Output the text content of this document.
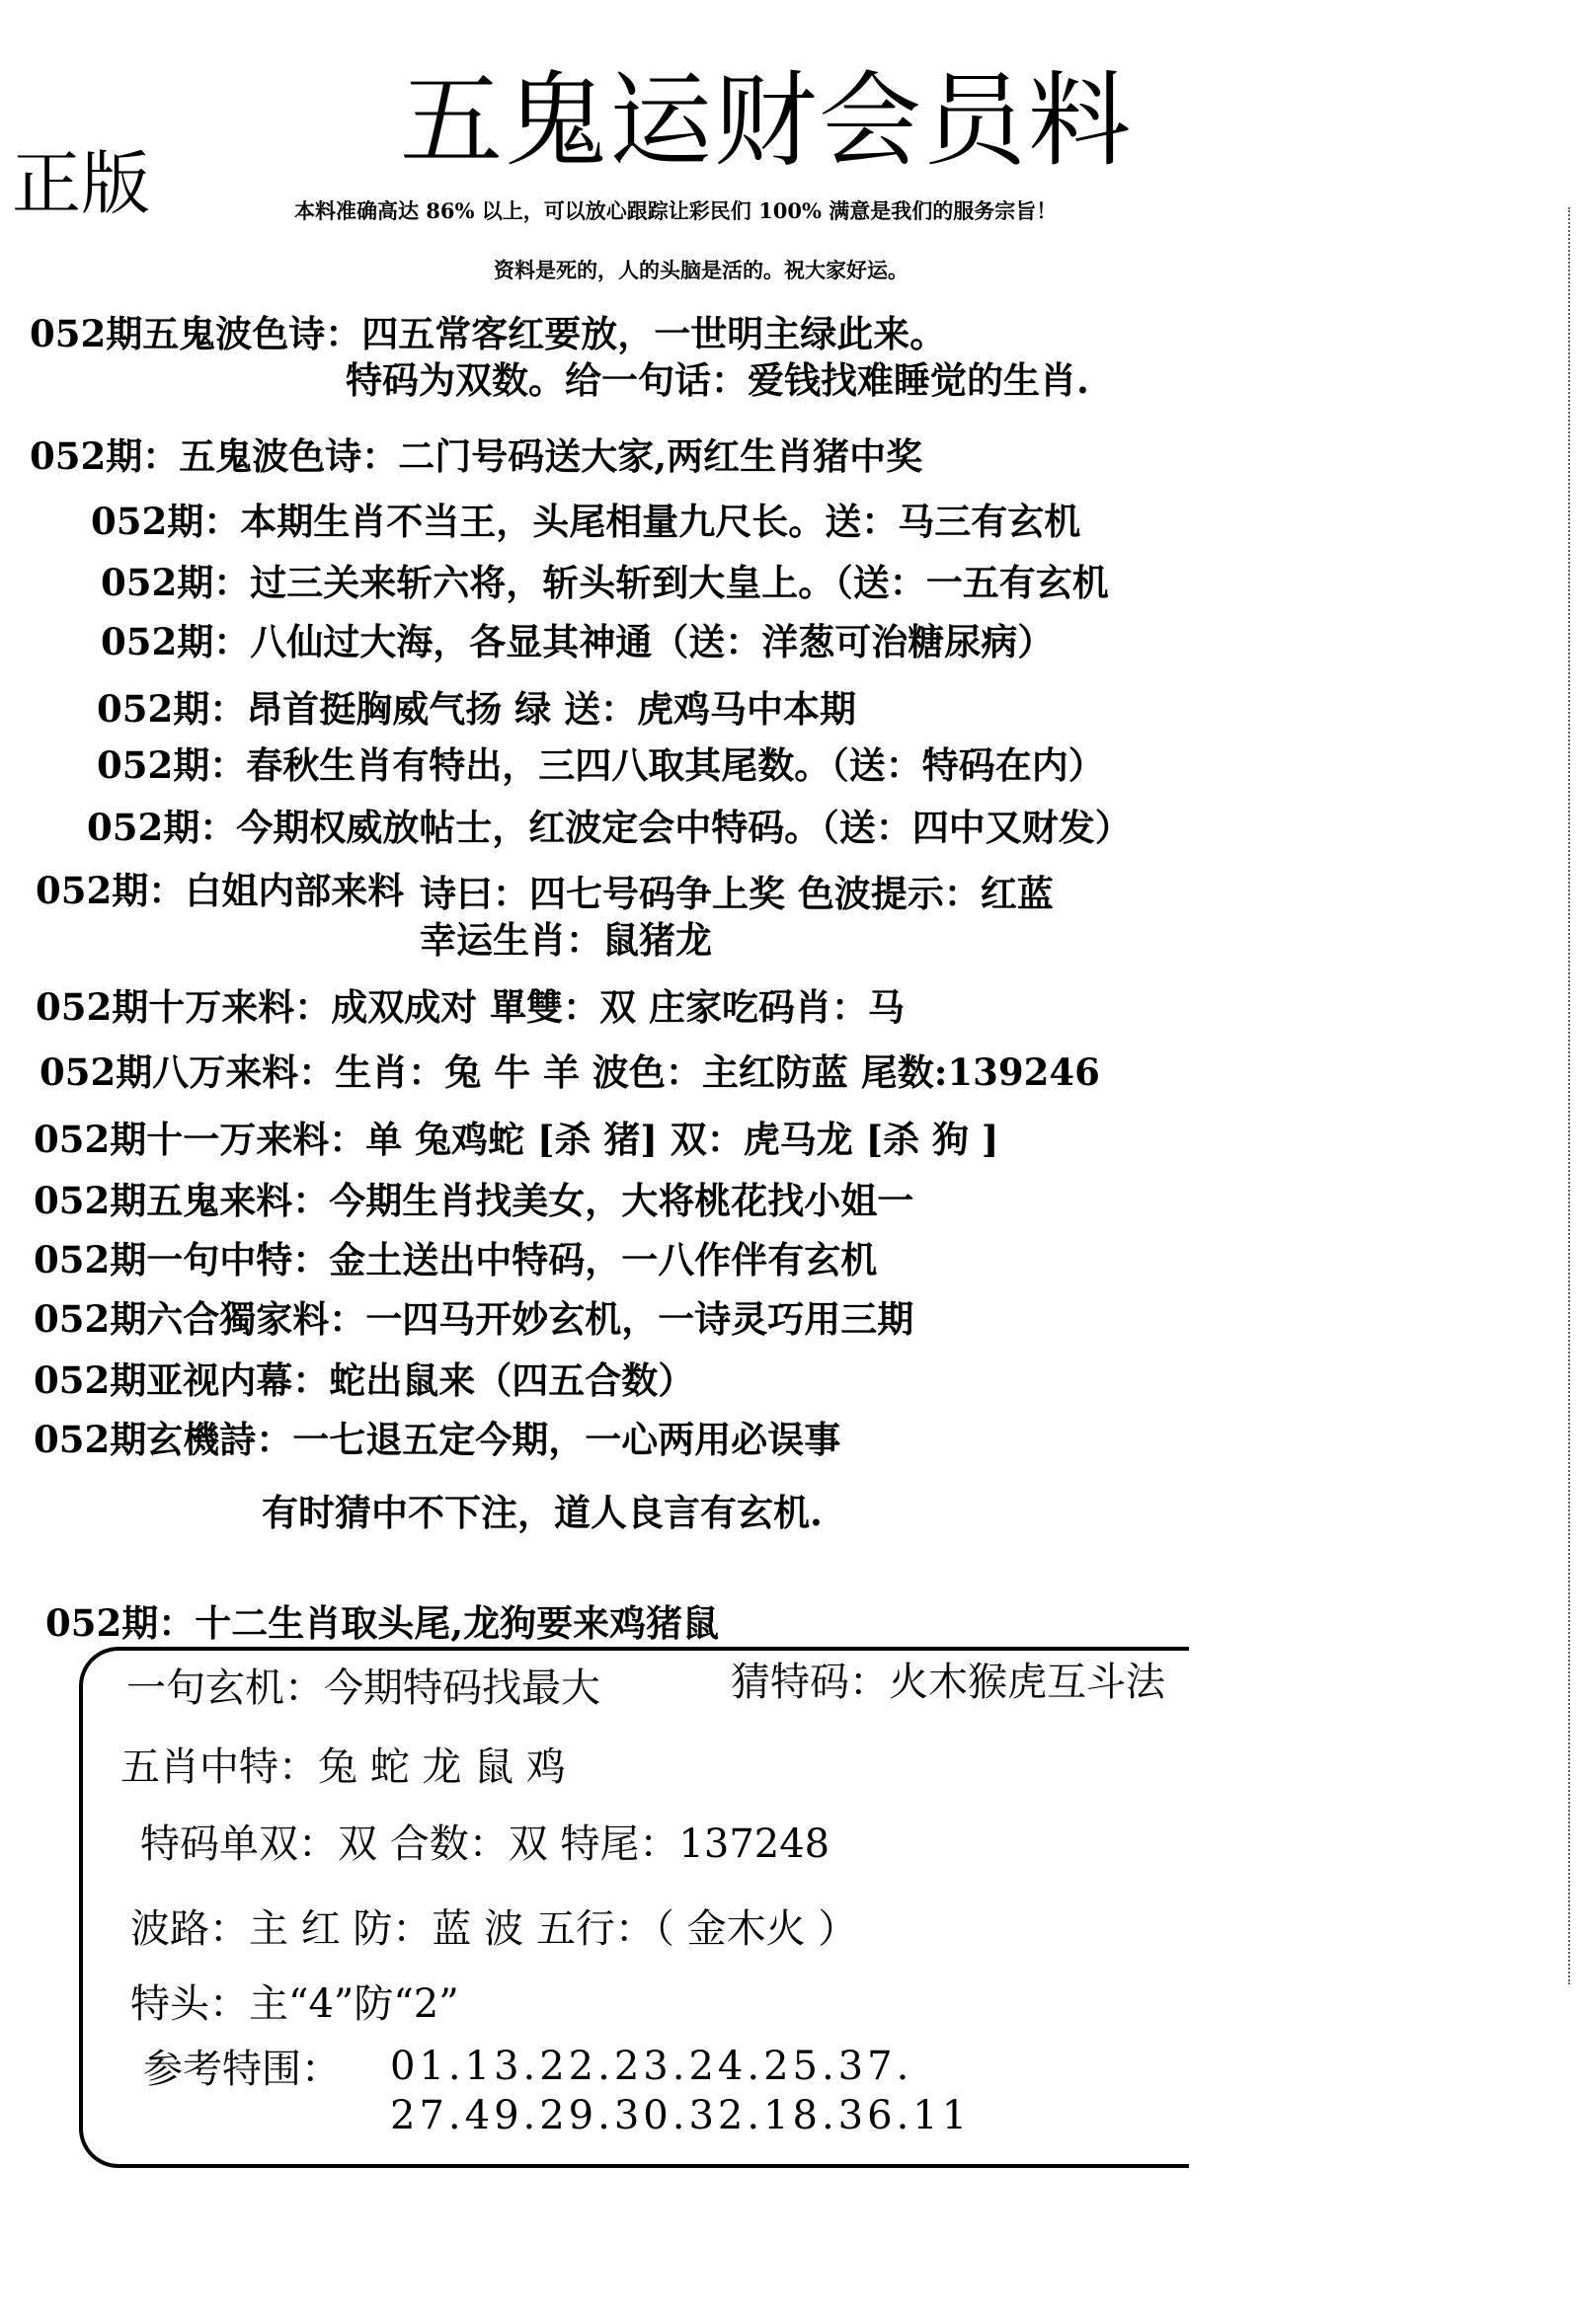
五鬼运财会员料
正版	本料准确高达 86% 以上，可以放心跟踪让彩民们 100% 满意是我们的服务宗旨！
资料是死的，人的头脑是活的。祝大家好运。
052期五鬼波色诗：四五常客红要放，一世明主绿此来。
特码为双数。给一句话：爱钱找难睡觉的生肖.
052期：五鬼波色诗：二门号码送大家,两红生肖猪中奖
052期：本期生肖不当王，头尾相量九尺长。送：马三有玄机
052期：过三关来斩六将，斩头斩到大皇上。（送：一五有玄机
052期：八仙过大海，各显其神通（送：洋葱可治糖尿病）
052期：昂首挺胸威气扬 绿 送：虎鸡马中本期
052期：春秋生肖有特出，三四八取其尾数。（送：特码在内）
052期：今期权威放帖士，红波定会中特码。（送：四中又财发）
052期：白姐内部来料 诗曰：四七号码争上奖 色波提示：红蓝
幸运生肖：鼠猪龙
052期十万来料：成双成对 單雙：双 庄家吃码肖：马
052期八万来料：生肖：兔 牛 羊 波色：主红防蓝 尾数:139246
052期十一万来料：单 兔鸡蛇 [杀 猪] 双：虎马龙 [杀 狗 ]
052期五鬼来料：今期生肖找美女，大将桃花找小姐一
052期一句中特：金土送出中特码，一八作伴有玄机
052期六合獨家料：一四马开妙玄机，一诗灵巧用三期
052期亚视内幕：蛇出鼠来（四五合数）
052期玄機詩：一七退五定今期，一心两用必误事
有时猜中不下注，道人良言有玄机.
052期：十二生肖取头尾,龙狗要来鸡猪鼠
一句玄机：今期特码找最大	猜特码：火木猴虎互斗法
五肖中特：兔 蛇 龙 鼠 鸡
特码单双：双 合数：双 特尾：137248
波路：主 红 防：蓝 波 五行：（ 金木火 ）
特头：主“4”防“2”
参考特围： 01.13.22.23.24.25.37.
27.49.29.30.32.18.36.11
